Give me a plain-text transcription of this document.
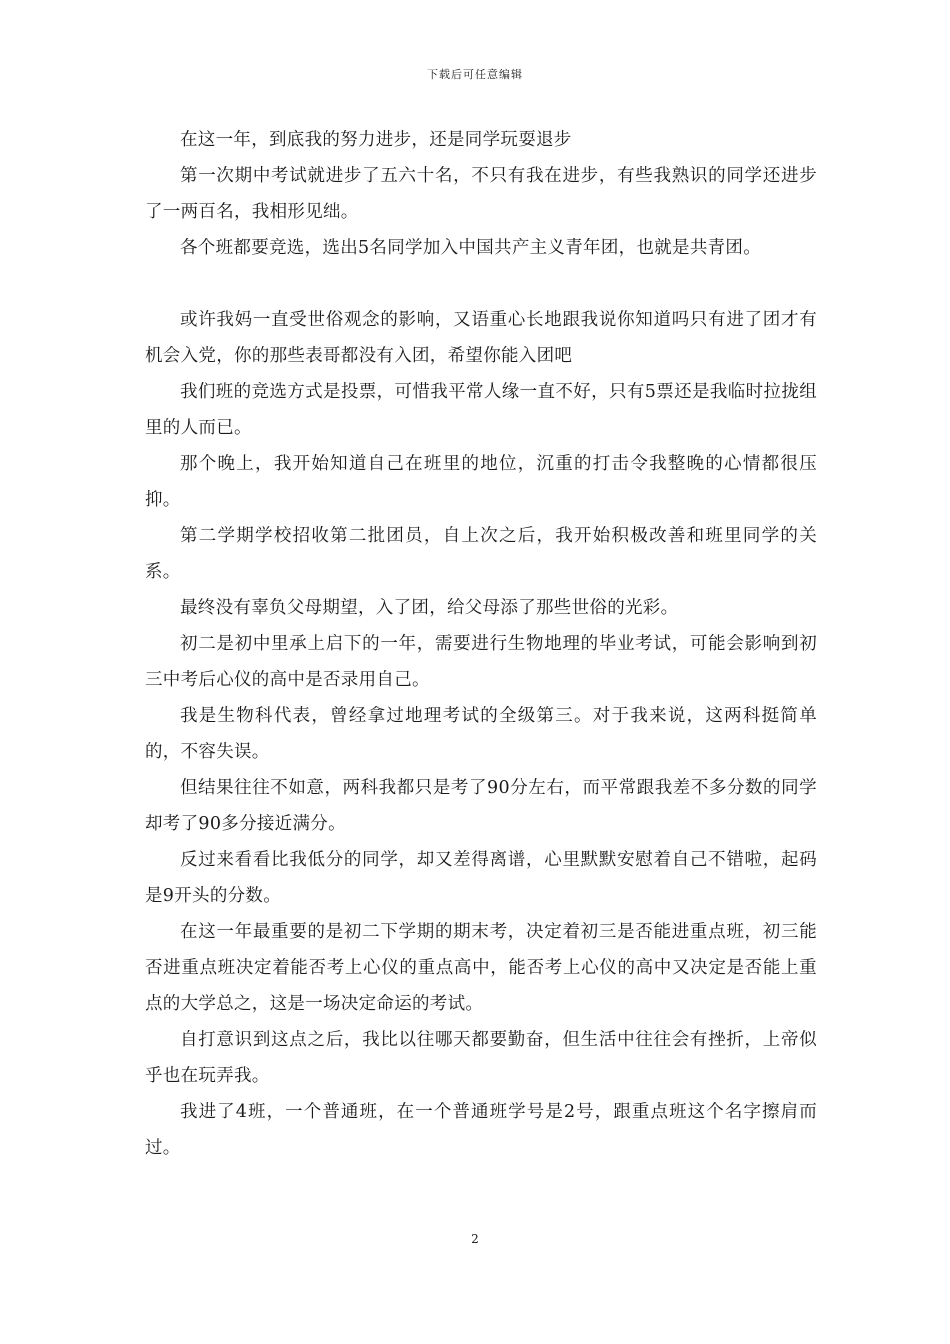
下载后可任意编辑

在这一年，到底我的努力进步，还是同学玩耍退步

第一次期中考试就进步了五六十名，不只有我在进步，有些我熟识的同学还进步了一两百名，我相形见绌。

各个班都要竞选，选出5名同学加入中国共产主义青年团，也就是共青团。

或许我妈一直受世俗观念的影响，又语重心长地跟我说你知道吗只有进了团才有机会入党，你的那些表哥都没有入团，希望你能入团吧

我们班的竞选方式是投票，可惜我平常人缘一直不好，只有5票还是我临时拉拢组里的人而已。

那个晚上，我开始知道自己在班里的地位，沉重的打击令我整晚的心情都很压抑。

第二学期学校招收第二批团员，自上次之后，我开始积极改善和班里同学的关系。

最终没有辜负父母期望，入了团，给父母添了那些世俗的光彩。

初二是初中里承上启下的一年，需要进行生物地理的毕业考试，可能会影响到初三中考后心仪的高中是否录用自己。

我是生物科代表，曾经拿过地理考试的全级第三。对于我来说，这两科挺简单的，不容失误。

但结果往往不如意，两科我都只是考了90分左右，而平常跟我差不多分数的同学却考了90多分接近满分。

反过来看看比我低分的同学，却又差得离谱，心里默默安慰着自己不错啦，起码是9开头的分数。

在这一年最重要的是初二下学期的期末考，决定着初三是否能进重点班，初三能否进重点班决定着能否考上心仪的重点高中，能否考上心仪的高中又决定是否能上重点的大学总之，这是一场决定命运的考试。

自打意识到这点之后，我比以往哪天都要勤奋，但生活中往往会有挫折，上帝似乎也在玩弄我。

我进了4班，一个普通班，在一个普通班学号是2号，跟重点班这个名字擦肩而过。

2
